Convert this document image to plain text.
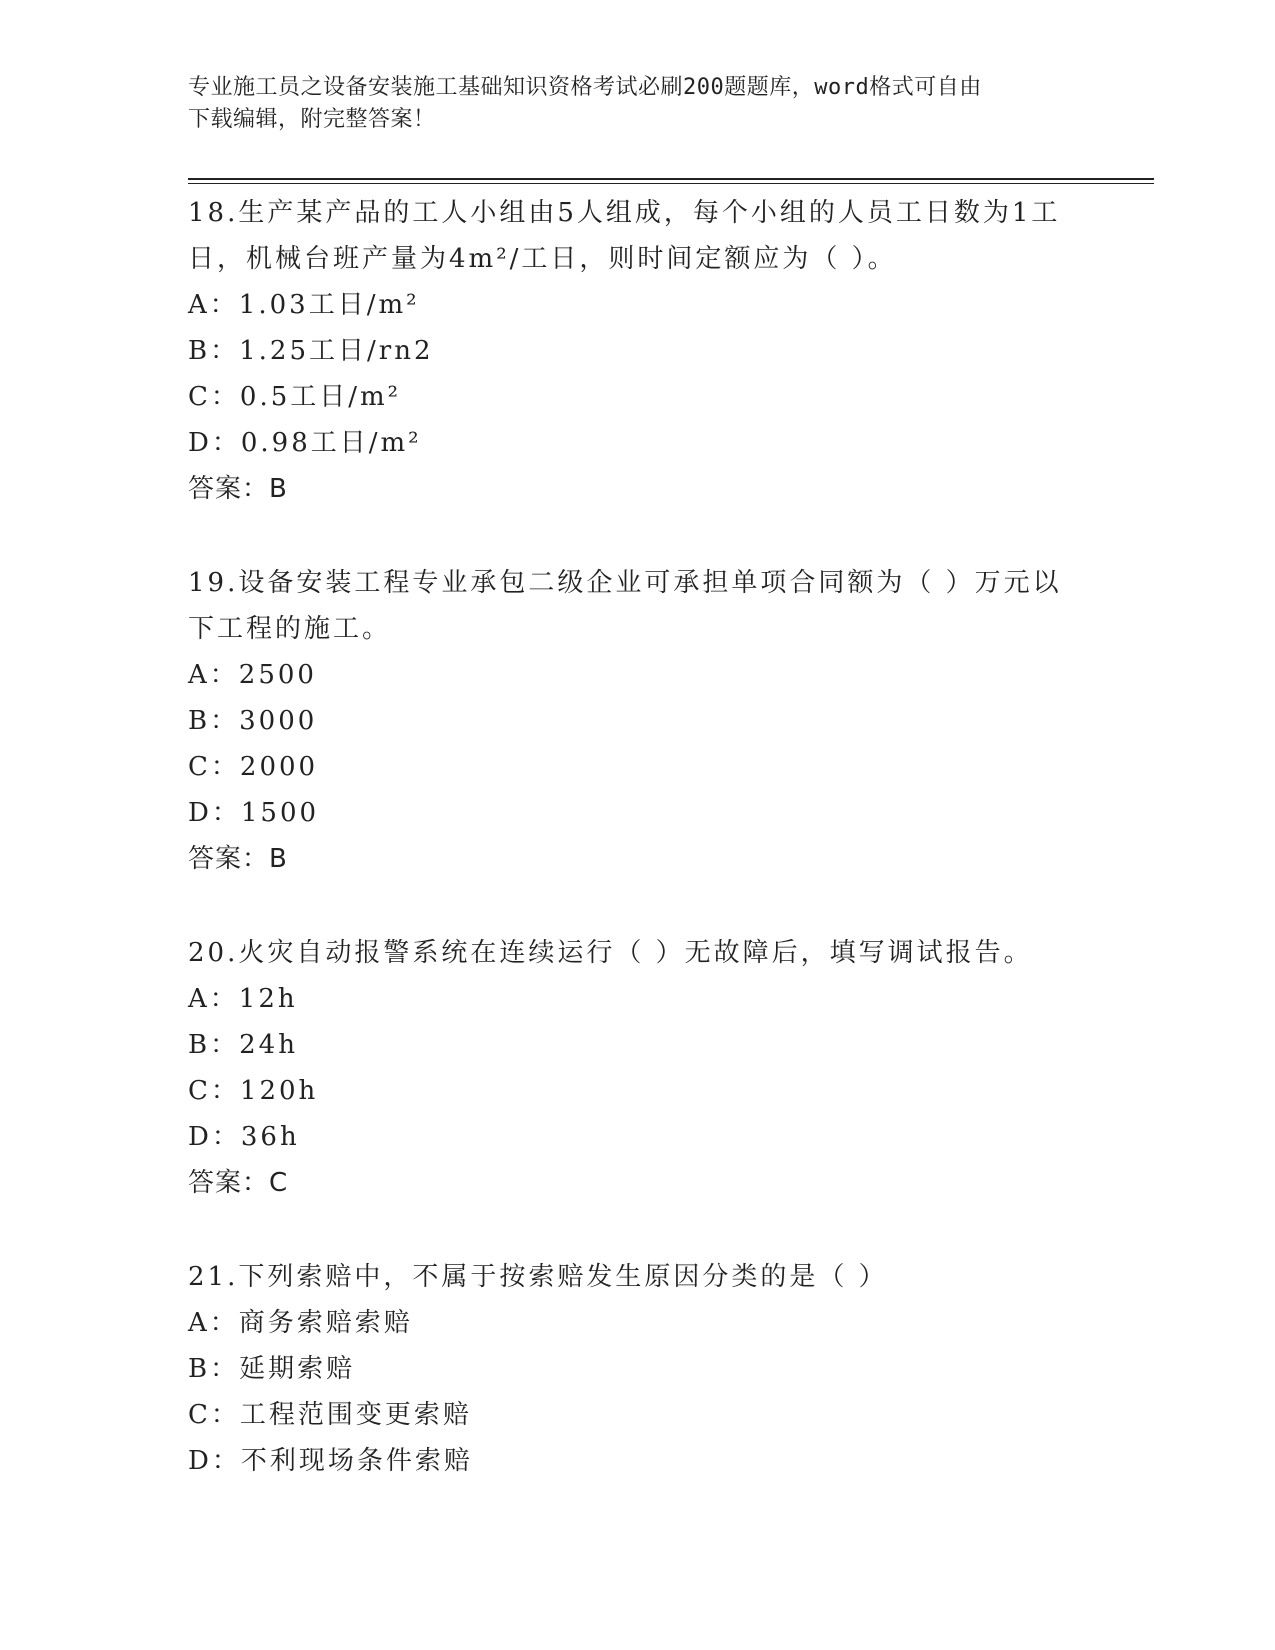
专业施工员之设备安装施工基础知识资格考试必刷200题题库，word格式可自由
下载编辑，附完整答案！
18.生产某产品的工人小组由5人组成，每个小组的人员工日数为1工
日，机械台班产量为4m²/工日，则时间定额应为（ ）。
A ： 1.03工日/m²
B ： 1.25工日/rn2
C ： 0.5工日/m²
D ： 0.98工日/m²
答案：B
19.设备安装工程专业承包二级企业可承担单项合同额为（ ）万元以
下工程的施工。
A ： 2500
B ： 3000
C ： 2000
D ： 1500
答案：B
20.火灾自动报警系统在连续运行（ ）无故障后，填写调试报告。
A ： 12h
B ： 24h
C ： 120h
D ： 36h
答案：C
21.下列索赔中，不属于按索赔发生原因分类的是（ ）
A ： 商务索赔索赔
B ： 延期索赔
C ： 工程范围变更索赔
D ： 不利现场条件索赔
